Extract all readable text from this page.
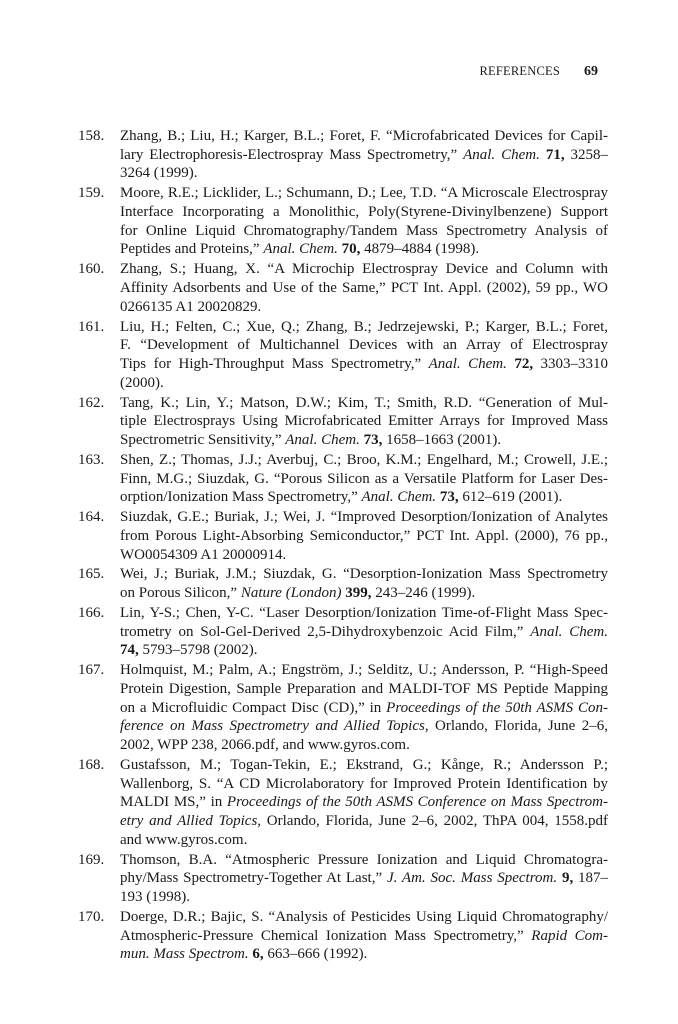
REFERENCES 69
158. Zhang, B.; Liu, H.; Karger, B.L.; Foret, F. “Microfabricated Devices for Capil-
lary Electrophoresis-Electrospray Mass Spectrometry,” Anal. Chem. 71, 3258–
3264 (1999).
159. Moore, R.E.; Licklider, L.; Schumann, D.; Lee, T.D. “A Microscale Electrospray
Interface Incorporating a Monolithic, Poly(Styrene-Divinylbenzene) Support
for Online Liquid Chromatography/Tandem Mass Spectrometry Analysis of
Peptides and Proteins,” Anal. Chem. 70, 4879–4884 (1998).
160. Zhang, S.; Huang, X. “A Microchip Electrospray Device and Column with
Affinity Adsorbents and Use of the Same,” PCT Int. Appl. (2002), 59 pp., WO
0266135 A1 20020829.
161. Liu, H.; Felten, C.; Xue, Q.; Zhang, B.; Jedrzejewski, P.; Karger, B.L.; Foret,
F. “Development of Multichannel Devices with an Array of Electrospray
Tips for High-Throughput Mass Spectrometry,” Anal. Chem. 72, 3303–3310
(2000).
162. Tang, K.; Lin, Y.; Matson, D.W.; Kim, T.; Smith, R.D. “Generation of Mul-
tiple Electrosprays Using Microfabricated Emitter Arrays for Improved Mass
Spectrometric Sensitivity,” Anal. Chem. 73, 1658–1663 (2001).
163. Shen, Z.; Thomas, J.J.; Averbuj, C.; Broo, K.M.; Engelhard, M.; Crowell, J.E.;
Finn, M.G.; Siuzdak, G. “Porous Silicon as a Versatile Platform for Laser Des-
orption/Ionization Mass Spectrometry,” Anal. Chem. 73, 612–619 (2001).
164. Siuzdak, G.E.; Buriak, J.; Wei, J. “Improved Desorption/Ionization of Analytes
from Porous Light-Absorbing Semiconductor,” PCT Int. Appl. (2000), 76 pp.,
WO0054309 A1 20000914.
165. Wei, J.; Buriak, J.M.; Siuzdak, G. “Desorption-Ionization Mass Spectrometry
on Porous Silicon,” Nature (London) 399, 243–246 (1999).
166. Lin, Y-S.; Chen, Y-C. “Laser Desorption/Ionization Time-of-Flight Mass Spec-
trometry on Sol-Gel-Derived 2,5-Dihydroxybenzoic Acid Film,” Anal. Chem.
74, 5793–5798 (2002).
167. Holmquist, M.; Palm, A.; Engström, J.; Selditz, U.; Andersson, P. “High-Speed
Protein Digestion, Sample Preparation and MALDI-TOF MS Peptide Mapping
on a Microfluidic Compact Disc (CD),” in Proceedings of the 50th ASMS Con-
ference on Mass Spectrometry and Allied Topics, Orlando, Florida, June 2–6,
2002, WPP 238, 2066.pdf, and www.gyros.com.
168. Gustafsson, M.; Togan-Tekin, E.; Ekstrand, G.; Kånge, R.; Andersson P.;
Wallenborg, S. “A CD Microlaboratory for Improved Protein Identification by
MALDI MS,” in Proceedings of the 50th ASMS Conference on Mass Spectrom-
etry and Allied Topics, Orlando, Florida, June 2–6, 2002, ThPA 004, 1558.pdf
and www.gyros.com.
169. Thomson, B.A. “Atmospheric Pressure Ionization and Liquid Chromatogra-
phy/Mass Spectrometry-Together At Last,” J. Am. Soc. Mass Spectrom. 9, 187–
193 (1998).
170. Doerge, D.R.; Bajic, S. “Analysis of Pesticides Using Liquid Chromatography/
Atmospheric-Pressure Chemical Ionization Mass Spectrometry,” Rapid Com-
mun. Mass Spectrom. 6, 663–666 (1992).
